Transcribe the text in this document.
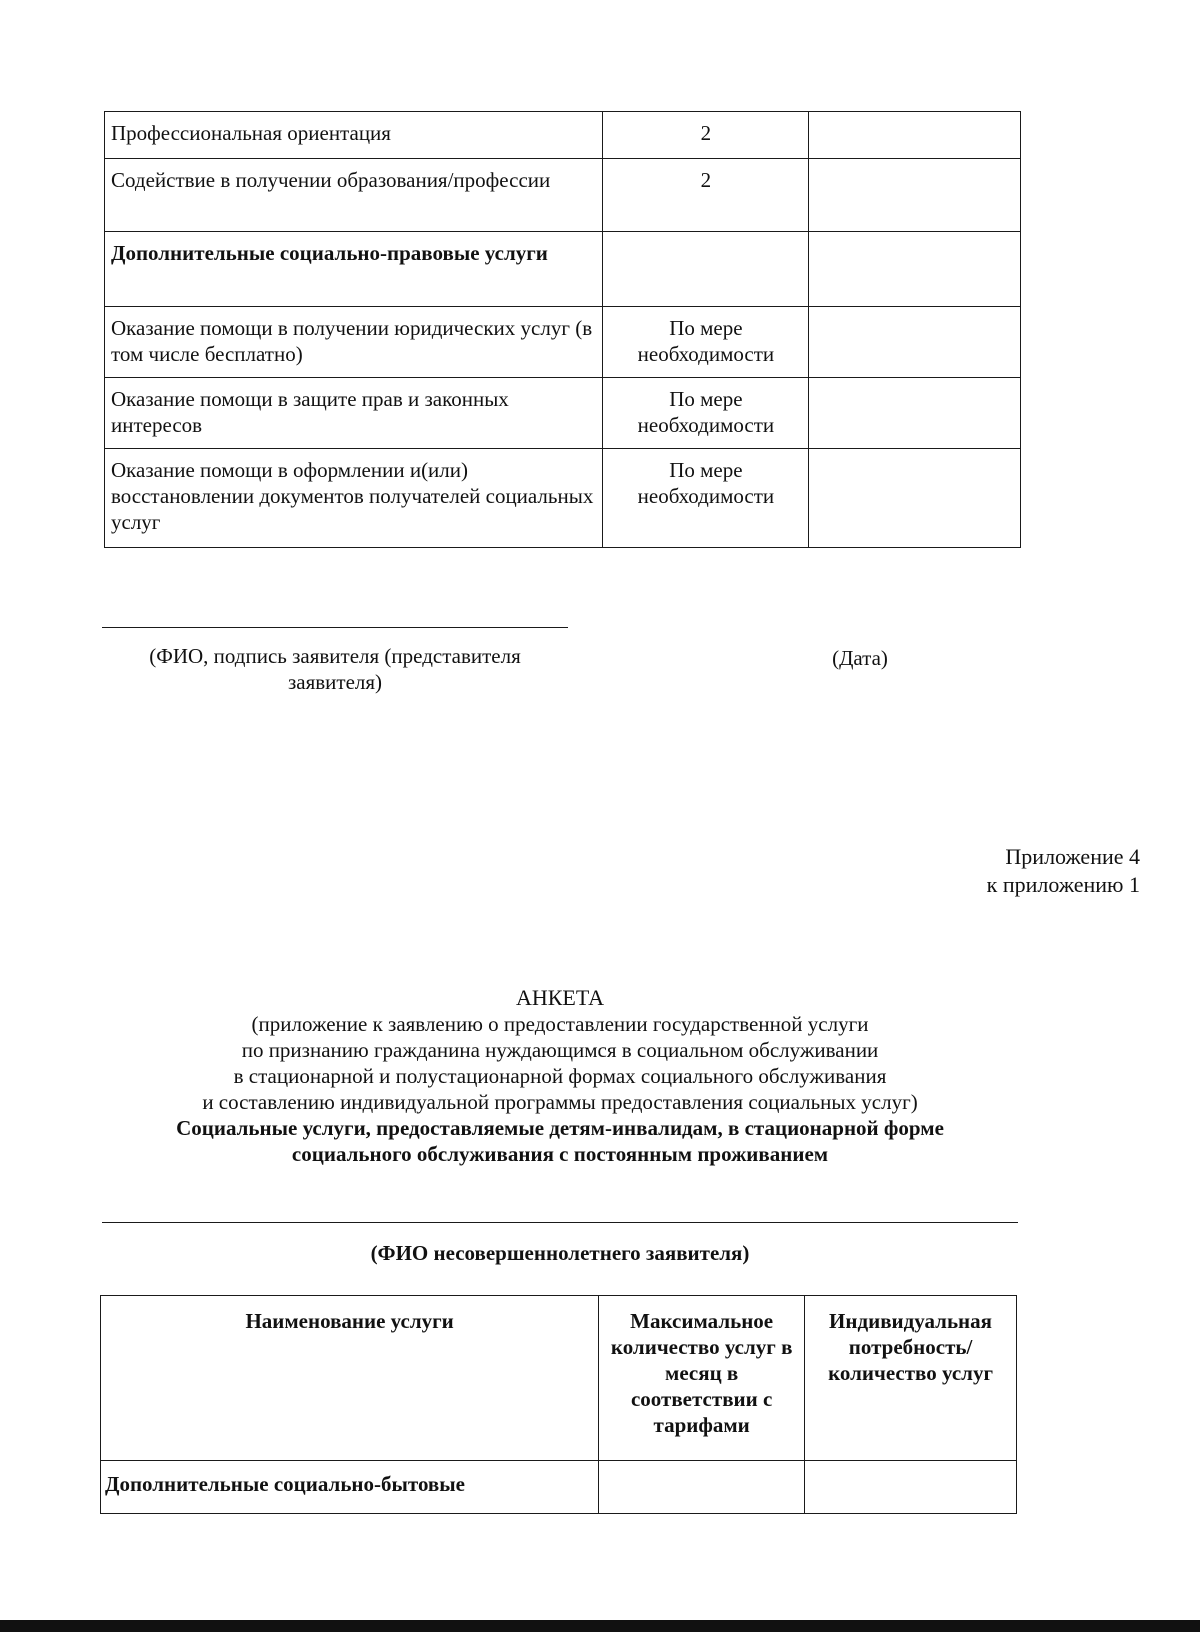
Профессиональная ориентация	2	
Содействие в получении образования/профессии	2	
Дополнительные социально-правовые услуги		
Оказание помощи в получении юридических услуг (в том числе бесплатно)	По мере необходимости	
Оказание помощи в защите прав и законных интересов	По мере необходимости	
Оказание помощи в оформлении и(или) восстановлении документов получателей социальных услуг	По мере необходимости	
(ФИО, подпись заявителя (представителя заявителя)
(Дата)
Приложение 4
к приложению 1
АНКЕТА
(приложение к заявлению о предоставлении государственной услуги
по признанию гражданина нуждающимся в социальном обслуживании
в стационарной и полустационарной формах социального обслуживания
и составлению индивидуальной программы предоставления социальных услуг)
Социальные услуги, предоставляемые детям-инвалидам, в стационарной форме
социального обслуживания с постоянным проживанием
(ФИО несовершеннолетнего заявителя)
Наименование услуги	Максимальное количество услуг в месяц в соответствии с тарифами	Индивидуальная потребность/количество услуг
Дополнительные социально-бытовые		
